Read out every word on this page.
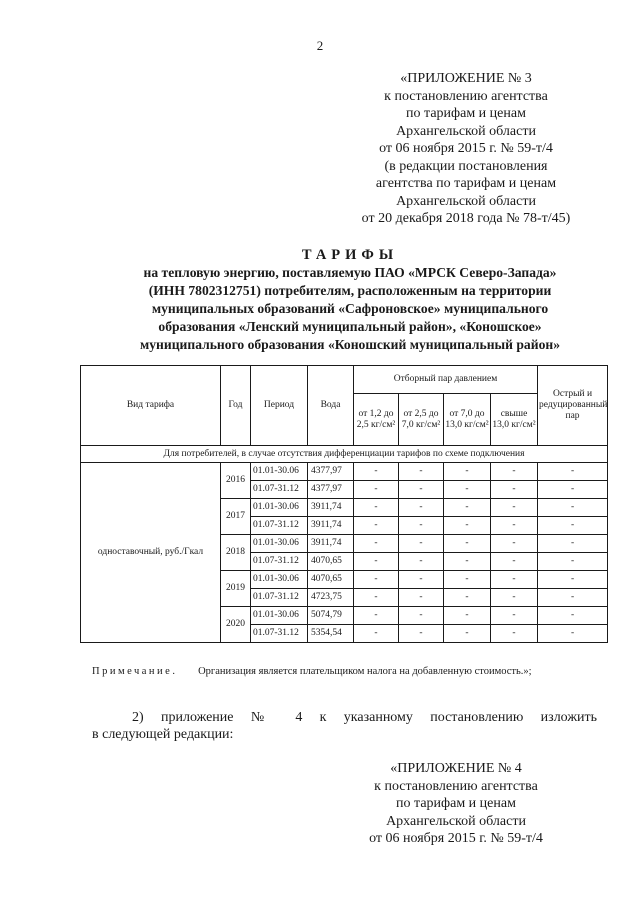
2
«ПРИЛОЖЕНИЕ № 3
к постановлению агентства
по тарифам и ценам
Архангельской области
от 06 ноября 2015 г. № 59-т/4
(в редакции постановления
агентства по тарифам и ценам
Архангельской области
от 20 декабря 2018 года № 78-т/45)
ТАРИФЫ
на тепловую энергию, поставляемую ПАО «МРСК Северо-Запада»
(ИНН 7802312751) потребителям, расположенным на территории
муниципальных образований «Сафроновское» муниципального
образования «Ленский муниципальный район», «Коношское»
муниципального образования «Коношский муниципальный район»
Вид тарифа	Год	Период	Вода	Отборный пар давлением				Острый и редуцированный пар
				от 1,2 до 2,5 кг/см²	от 2,5 до 7,0 кг/см²	от 7,0 до 13,0 кг/см²	свыше 13,0 кг/см²	
Для потребителей, в случае отсутствия дифференциации тарифов по схеме подключения								
одноставочный, руб./Гкал	2016	01.01-30.06	4377,97	-	-	-	-	-
		01.07-31.12	4377,97	-	-	-	-	-
	2017	01.01-30.06	3911,74	-	-	-	-	-
		01.07-31.12	3911,74	-	-	-	-	-
	2018	01.01-30.06	3911,74	-	-	-	-	-
		01.07-31.12	4070,65	-	-	-	-	-
	2019	01.01-30.06	4070,65	-	-	-	-	-
		01.07-31.12	4723,75	-	-	-	-	-
	2020	01.01-30.06	5074,79	-	-	-	-	-
		01.07-31.12	5354,54	-	-	-	-	-
Примечание. Организация является плательщиком налога на добавленную стоимость.»;
2) приложение № 4 к указанному постановлению изложить
в следующей редакции:
«ПРИЛОЖЕНИЕ № 4
к постановлению агентства
по тарифам и ценам
Архангельской области
от 06 ноября 2015 г. № 59-т/4
